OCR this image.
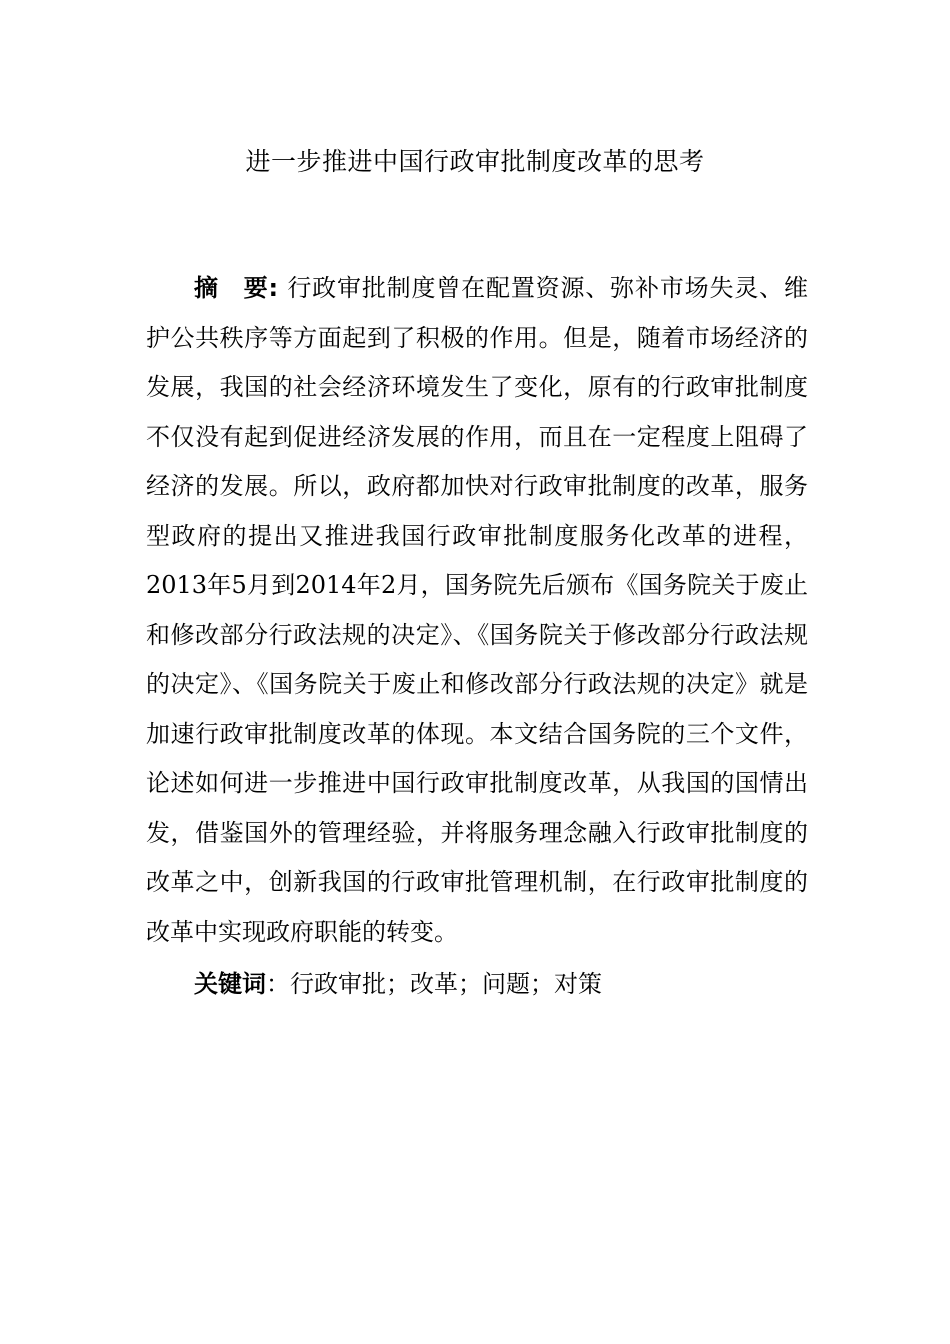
进一步推进中国行政审批制度改革的思考

摘　要: 行政审批制度曾在配置资源、弥补市场失灵、维护公共秩序等方面起到了积极的作用。但是，随着市场经济的发展，我国的社会经济环境发生了变化，原有的行政审批制度不仅没有起到促进经济发展的作用，而且在一定程度上阻碍了经济的发展。所以，政府都加快对行政审批制度的改革，服务型政府的提出又推进我国行政审批制度服务化改革的进程，2013年5月到2014年2月，国务院先后颁布《国务院关于废止和修改部分行政法规的决定》、《国务院关于修改部分行政法规的决定》、《国务院关于废止和修改部分行政法规的决定》就是加速行政审批制度改革的体现。本文结合国务院的三个文件，论述如何进一步推进中国行政审批制度改革，从我国的国情出发，借鉴国外的管理经验，并将服务理念融入行政审批制度的改革之中，创新我国的行政审批管理机制，在行政审批制度的改革中实现政府职能的转变。

关键词：行政审批；改革；问题；对策
